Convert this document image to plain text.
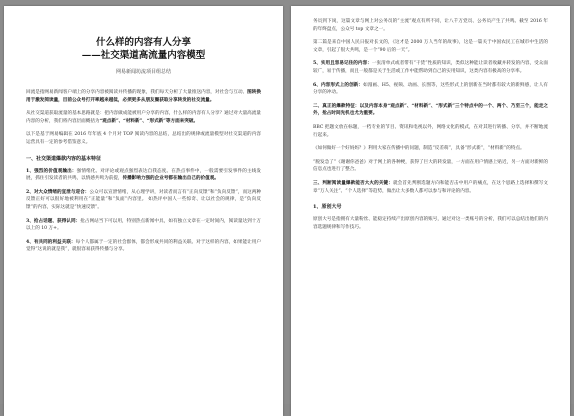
什么样的内容有人分享
——社交渠道高流量内容模型
网易新闻坊流项目组总结

回流是指网易新闻客户端上的分享内容被阅读并传播的现象，我们每天分析了大量推送内容，对社会与互动、图转换用于激发阅读量，目前公众号打开率越来越低，必须更多从朋友圈获取分享转发的社交流量。

从社交渠道获取流量的基本思路就是：把内容做成能被用户分享的内容，什么样的内容有人分享？通过对大量高流量内容的分析，我们将内容层面概括为“观点新”、“材料新”、“形式新”等方面来突破。

以下是基于网易编辑在 2016 年年底 4 个月对 TOP 阅读内容的总结，总结出的规律或流量模型对社交渠道的内容运营具有一定的参考借鉴意义。

一、社交渠道爆款内容的基本特征

1、强烈的价值观输出：强情绪化、对评论或观点强烈表达自我态度。在热点事件中，一般需要引发事件的主线发展，抓住引发读者的共鸣，以情感共鸣为前提，传播影响力强的企业号都在输出自己的价值观。

2、对大众情绪的宣泄与迎合：公众可以宣泄情绪，从心理学讲，对读者而言有“正向反馈”和“负向反馈”，而这两种反馈正好可以很好地被利用在“正能量”和“负面”内容里。 如热评中国人一些惊奇、让以社会的规律，是“负向反馈”的内容，实际这就是“快速反馈”。

3、抢占话题、获得认同：抢占网站当下可以用，特别热点新闻中具，如有独立文章在一定时间内，阅读量达到十万以上的 10 万+。

4、有共同的利益关联：每个人都属于一定的社会群体，都会形成共同的利益关联。对于这样的内容，如果能让用户觉得“这说的就是我”，就很容易获得传播与分享。

务员到下岗，这篇文章与网上对公务员的“主流”观点有所不同，让八千万党员、公务员产生了共鸣。截至 2016 年的年终盘点，公众号 top 文章之一。

第二篇是来自中国人民日报对长文的，《这才是 2000 万人当年的故事》，这是一篇关于中国农民工在城市中生活的文章，引起了很大共鸣，是一个“90 后的一天”。

5、实用且容易记住的内容：一张清单式或者带有“干货”性质的知识，类似这种能让读者收藏并转发的内容，受众面较广，易于传播，而且一般都是关于生活或工作中能帮助到自己的实用知识，这类内容有极高的分享率。

6、内容形式上的创新：如漫画、H5、视频、动画、长图等，这些形式上的创新在当时都有较大的新鲜感，让人有分享的冲动。

二、真正的爆款特征：以及内容本身“观点新”、“材料新”、“形式新”三个特点中的一个、两个、乃至三个，能走之外，抢占时间先机也尤为重要。

BBC 把题文放在标题，一档专业的节目、资讯和电视以外，网络文化的模式，在对其进行转播、分享，并不断地流行起来。

《如何做好一个好妈妈？》利用大家在传播中的问题，制造“反差萌”，具备“形式新”，“材料新”的特点。

“脱发急了”《谢谢你爸爸》对于网上的各种梗，获得了巨大的转发量，一方面在用户情感上贴近，另一方面对新鲜的信息点也进行了整合。

三、判断阅读量爆款能否大火的关键：就会首先判断选题方向和能否击中用户的痛点，在这个思路上选择和撰写文章“万人关注”、“个人选择”等趋势，做出让大多数人都可以参与和评论的内容。

1、原创大号

原创大号是指拥有大量粉丝、能稳定持续产出原创内容的账号，通过对这一类账号的分析，我们可以总结出他们的内容选题规律和写作技巧。
